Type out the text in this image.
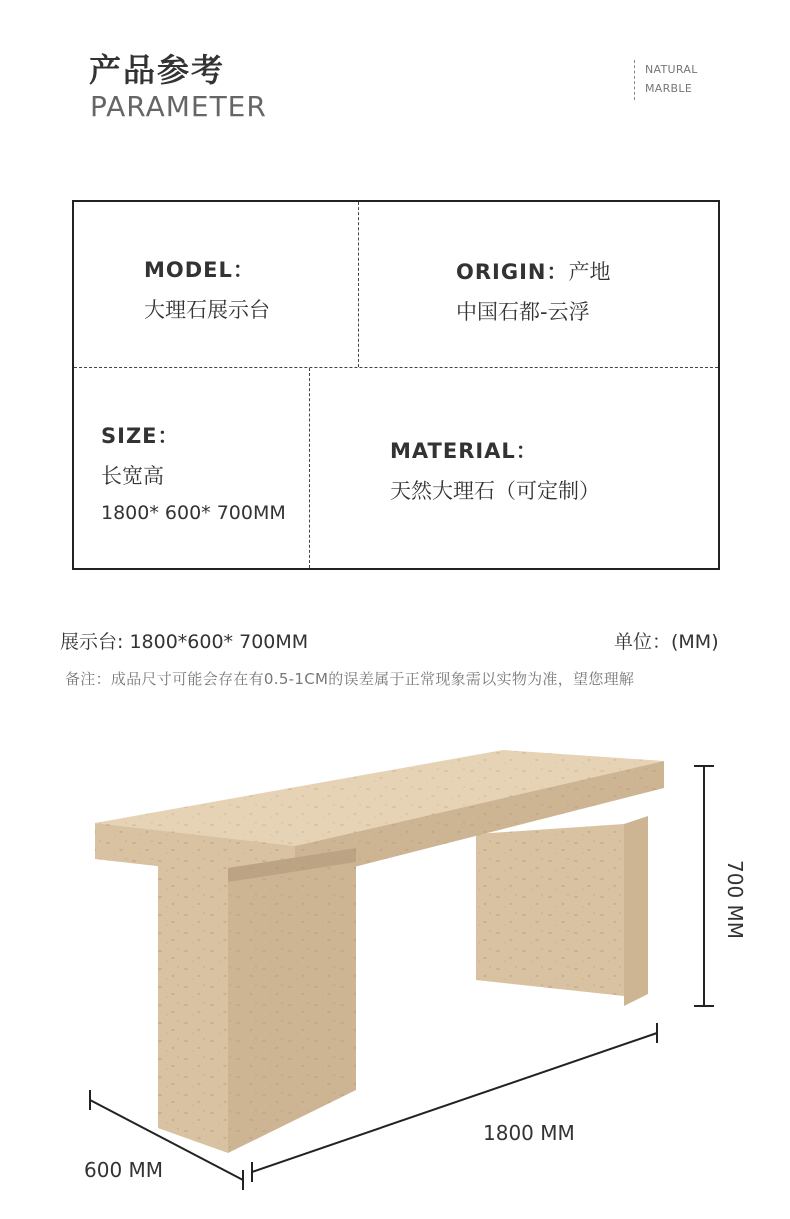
产品参考
PARAMETER
NATURAL
MARBLE
MODEL：
大理石展示台
ORIGIN：产地
中国石都-云浮
SIZE：
长宽高
1800* 600* 700MM
MATERIAL：
天然大理石（可定制）
展示台: 1800*600* 700MM	单位：(MM)
备注：成品尺寸可能会存在有0.5-1CM的误差属于正常现象需以实物为准，望您理解
700 MM
1800 MM
600 MM
